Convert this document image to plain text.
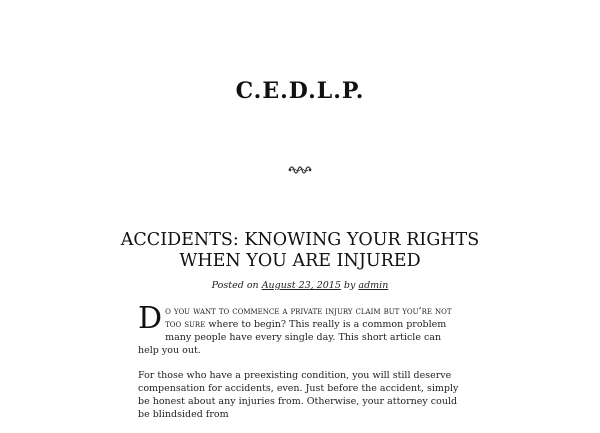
C.E.D.L.P.
ACCIDENTS: KNOWING YOUR RIGHTS WHEN YOU ARE INJURED
Posted on August 23, 2015 by admin

D o you want to commence a private injury claim but you’re not too sure where to begin? This really is a common problem many people have every single day. This short article can help you out.

For those who have a preexisting condition, you will still deserve compensation for accidents, even. Just before the accident, simply be honest about any injuries from. Otherwise, your attorney could be blindsided from
